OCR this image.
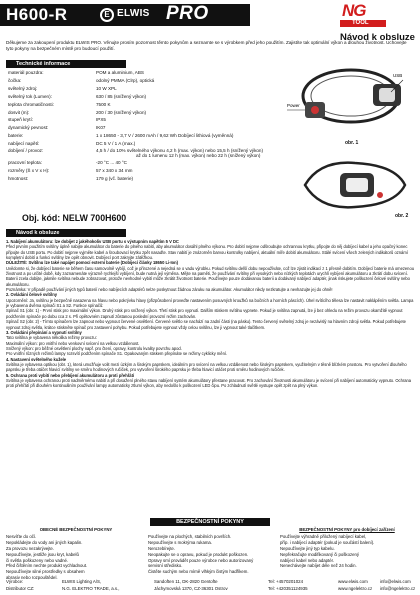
H600-R	E ELWIS PRO	NG
TOOL
Návod k obsluze
Děkujeme za zakoupení produktu ELWIS PRO. Věnujte prosím pozornost těmto pokynům a seznamte se s výrobkem před jeho použitím. Zajistíte tak optimální výkon a dlouhou životnost. Uchovejte tyto pokyny na bezpečném místě pro budoucí použití.
Technické informace
materiál pouzdra:	POM a aluminium, ABS
čočka:	odolný PMMA (Clrp), optická
světelný zdroj:	10 W XPL
světelný tok (Lumen):	630 / 85 (snížený výkon)
teplota chromatičnosti:	7500 K
dosvit (m):	200 / 30 (snížený výkon)
stupeň krytí:	IPX5
dynamický pevnost:	IK07
baterie:	1 x 18650 - 3,7 V / 2600 mAh / 9,62 Wh Dobíjecí lithiová (vyměnná)
nabíjecí napětí:	DC 5 V / 1 A (max.)
dobíjení / provoz:	4,5 h / do 10% světelného výkonu 4,2 h (max. výkon) nebo 15,5 h (snížený výkon)
až do 1 lumenu 12 h (max. výkon) nebo 22 h (snížený výkon)

pracovní teplota:	-20 °C ... 40 °C
rozměry (Š x V x H):	57 x 340 x 34 mm
hmotnost:	179 g (vč. baterie)
Obj. kód: NELW 700H600
Power
USB
obr. 1
obr. 2
Návod k obsluze

1. Nabíjení akumulátoru: lze dobíjet z jakéhokoliv USB portu s výstupním napětím 5 V DC

Před prvním použitím svítilny úplně nabijte akumulátor do baterie do plného nabití, aby akumulátor dosáhl plného výkonu. Pro dobití nejprve odšroubujte ochrannou krytku, připojte do něj dobíjecí kabel a jeho opačný konec připojte do USB portu. Po dobití nejprve vyjměte kabel a šroubovací krytku zpět nasaďte. Stav nabití je znázorněn barvou kontrolky nabíjení, aktuální míře dobití akumulátoru. Stálé svícení všech zelených indikátorů oznámí kompletní dobití a funkci svítilny lze opět obnovit. Dobíjecí port zakryjte zátěžkou.

DŮLEŽITÉ: Svítilnu lze také napájet pomocí externí baterie (Dobíjecí články 18650 Li-Ion)

Uvědomte si, že dobíjecí baterie se během času samovolně vybíjí, což je přirozené a nejedná se o vadu výrobku. Pokud svítilnu delší dobu nepoužíváte, což lze zjistit indikací z 1 přesně dobitím. Dobíjecí baterie má omezenou životnost a po určité době, kdy zaznamenáte výrazně rychlejší vybíjení, bude nutná její výměna. Mějte na paměti, že používání svítilny při vysokých nebo nízkých teplotách urychlí vybíjení akumulátoru a zkrátí dobu svícení. Baterii zcela dobijte, jakmile svítilna nebude zobrazovat, protože nevhodné vybití může zkrátit životnost baterie. Používejte pouze dodávanou baterii a dodávaný nabíjecí adaptér, jinak riskujete poškození čelové svítilny nebo akumulátoru.

Poznámka: V případě používání jiných typů baterií nebo nabíjecích adaptérů nelze poskytnout žádnou záruku na akumulátor. Akumulátor nikdy nezkratujte a nevhazujte jej do ohně!

2. Ovládání čelové svítilny

Upozornění: Ja, svítilnu je bezpečně nasazena na hlavu nebo pokrývku hlavy (přizpůsobení proveďte nastavením posuvných kroužků na bočních a horních páscích). Úhel svítícího tělesa lze nastavit naklápěním světla. Lampa je vybavena dvěma spínači S1 a S2. Funkce spínačů:

Spínač S1 (obr. 1) - První stisk pro maximální výkon. Druhý stisk pro snížený výkon. Třetí stisk pro vypnutí. Dalším stiskem svítilnu vypnete. Pokud je svítilna zapnutá, lze ji bez ohledu na režim provozu okamžitě vypnout podržením spínače po dobu cca 2 s. Při opětovném zapnutí zůstanou poslední provozní režim zachován.

Spínač S2 (obr. 2) - Tímto spínačem lze zapnout nebo vypnout červené osvětlení. Červené světlo se nachází na zadní části (na pásku). Tento červený světelný zdroj je nezávislý na hlavním zdroji světla. Pokud potřebujete vypnout zdroj světla, krátce stiskněte spínač pro zastavení pohybu. Pokud potřebujete vypnout vždy celou svítilnu, lze ji vypnout také tlačítkem.

3. Ovládání přepínání a vypnutí svítilny

Tato svítilna je vybavena několika režimy provozu:

Maximální výkon: pro vnitřní nebo venkovní svícení na velkou vzdálenost.

Snížený výkon: pro běžné osvětlení plochy např. pro čtení, opravy, kontrolu kvality povrchu apod.

Pro vnitřní různých režimů lampy rozsvítí podržením spínače S1. Opakovaným stiskem přepínáte se režimy cyklicky mění.

4. Nastavení světelného kužele

Svítilna je vybavena optikou (obr. 1), která umožňuje volit mezi úzkým a širokým paprskem, ideálním pro svícení na velkou vzdálenost nebo širokým paprskem, využitelným v těsně blízkém prostoru. Pro vytvoření dlouhého paprsku je třeba otáčet hlavicí svítilny ve směru hodinových ručiček, pro vytvoření širokého paprsku je třeba hlavicí otáčet proti směru hodinových ručiček.

5. Ochrana proti vybití nebo přebíjení akumulátoru a proti přehřátí

Svítilna je vybavena ochranou proti nadměrnému nabití a při dosažení plného stavu nabíjení systém akumulátory přestane pracovat. Pro zachování životnosti akumulátoru je svícení při nabíjení automaticky vypnuto. Ochrana proti přehřátí při dlouhém kontinuálním používání lampy automaticky ztlumí výkon, aby nedošlo k poškození LED čipu. Po zchladnutí světlé vystupe opět zpět na plný výkon.

BEZPEČNOSTNÍ POKYNY
OBECNÉ BEZPEČNOSTNÍ POKYNY
Nesvíťte do očí.
Nepokládejte do vody ani jiných kapalin.
Za provozu nezakrývejte.
Nepoužívejte, jestliže jsou kryt, kabelů
či světla poškozeny nebo vadné.
Před čištěním nechte produkt vychladnout.
Nepoužívejte silné prostředky s obsahem
abrasiv nebo rozpouštědel.
Používejte na plochých, stabilních površích.
Nepoužívejte s mokrýma rukama.
Nerozebírejte.
Neopakujte se o opravu, pokud je produkt poškozen.
Opravy smí provádět pouze výrobce nebo autorizovaný
servisní středisko.
Čistěte suchým nebo mírně vlhkým čistým hadříkem.
BEZPEČNOSTNÍ POKYNY pro dobíjecí zařízení
Používejte výhradně přiložený nabíjecí kabel,
příp. i nabíjecí adaptér (pokud je součástí balení).
Nepoužívejte jiný typ kabelu.
Nepřekračujte modifikovaný či poškozený
nabíjecí kabel nebo adaptér.
Nenechávejte nabíjet déle než 24 hodin.
Výrobce:	ELWIS Lighting A/S,	Sandoften 11, DK-2820 Gentofte	Tel: +4570201024	www.elwis.com	info@elwis.com
Distributor CZ:	N.G. ELEKTRO TRADE, a.s.,	Jáchymovská 1370, CZ-36301 Ostrov	Tel: +420351124935	www.ngelektro.cz info@ngelektro.cz
